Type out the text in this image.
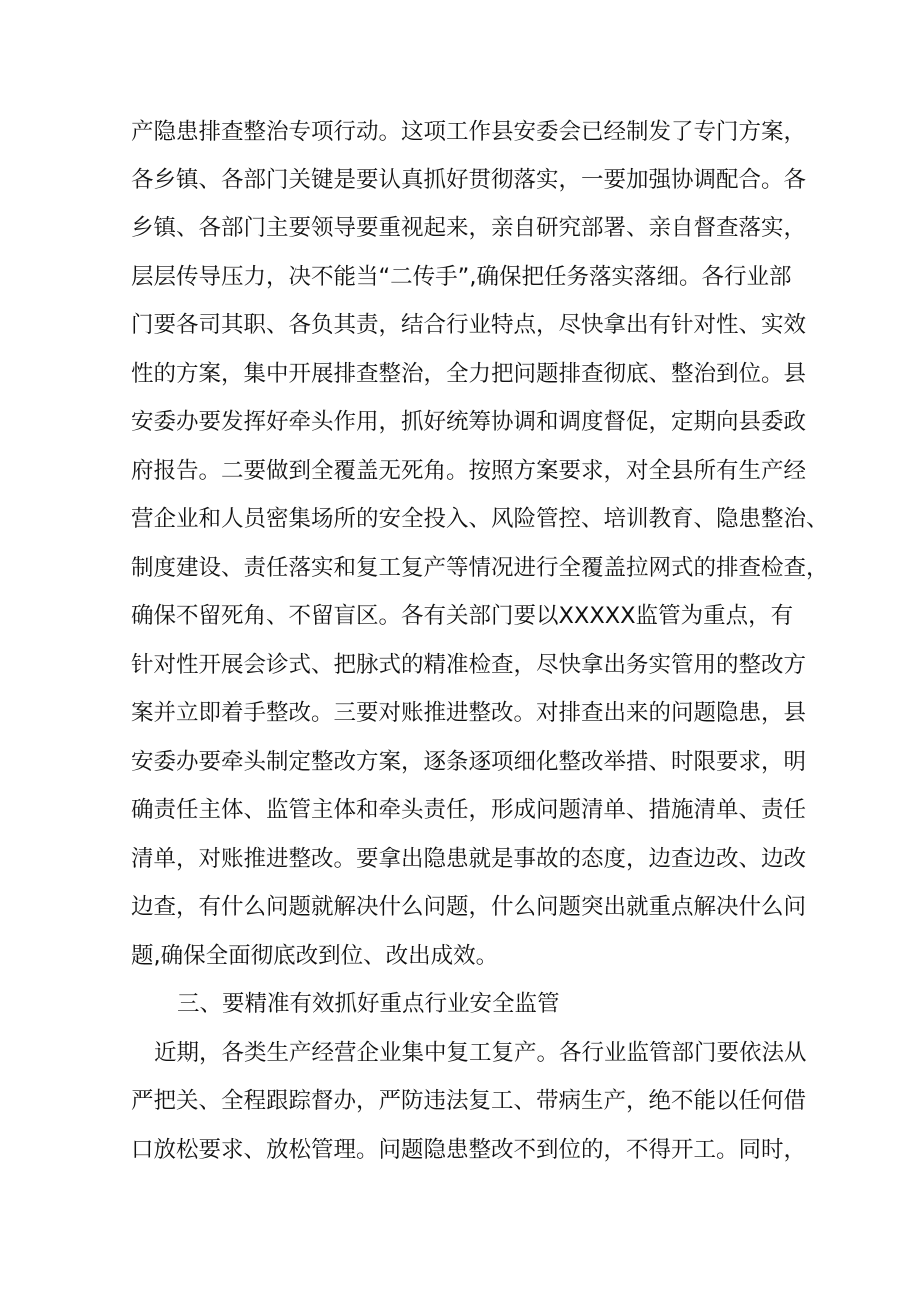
产隐患排查整治专项行动。这项工作县安委会已经制发了专门方案，
各乡镇、各部门关键是要认真抓好贯彻落实，一要加强协调配合。各
乡镇、各部门主要领导要重视起来，亲自研究部署、亲自督查落实，
层层传导压力，决不能当“二传手”,确保把任务落实落细。各行业部
门要各司其职、各负其责，结合行业特点，尽快拿出有针对性、实效
性的方案，集中开展排查整治，全力把问题排查彻底、整治到位。县
安委办要发挥好牵头作用，抓好统筹协调和调度督促，定期向县委政
府报告。二要做到全覆盖无死角。按照方案要求，对全县所有生产经
营企业和人员密集场所的安全投入、风险管控、培训教育、隐患整治、
制度建设、责任落实和复工复产等情况进行全覆盖拉网式的排查检查，
确保不留死角、不留盲区。各有关部门要以XXXXX监管为重点，有
针对性开展会诊式、把脉式的精准检查，尽快拿出务实管用的整改方
案并立即着手整改。三要对账推进整改。对排查出来的问题隐患，县
安委办要牵头制定整改方案，逐条逐项细化整改举措、时限要求，明
确责任主体、监管主体和牵头责任，形成问题清单、措施清单、责任
清单，对账推进整改。要拿出隐患就是事故的态度，边查边改、边改
边查，有什么问题就解决什么问题，什么问题突出就重点解决什么问
题,确保全面彻底改到位、改出成效。
三、要精准有效抓好重点行业安全监管
近期，各类生产经营企业集中复工复产。各行业监管部门要依法从
严把关、全程跟踪督办，严防违法复工、带病生产，绝不能以任何借
口放松要求、放松管理。问题隐患整改不到位的，不得开工。同时，
